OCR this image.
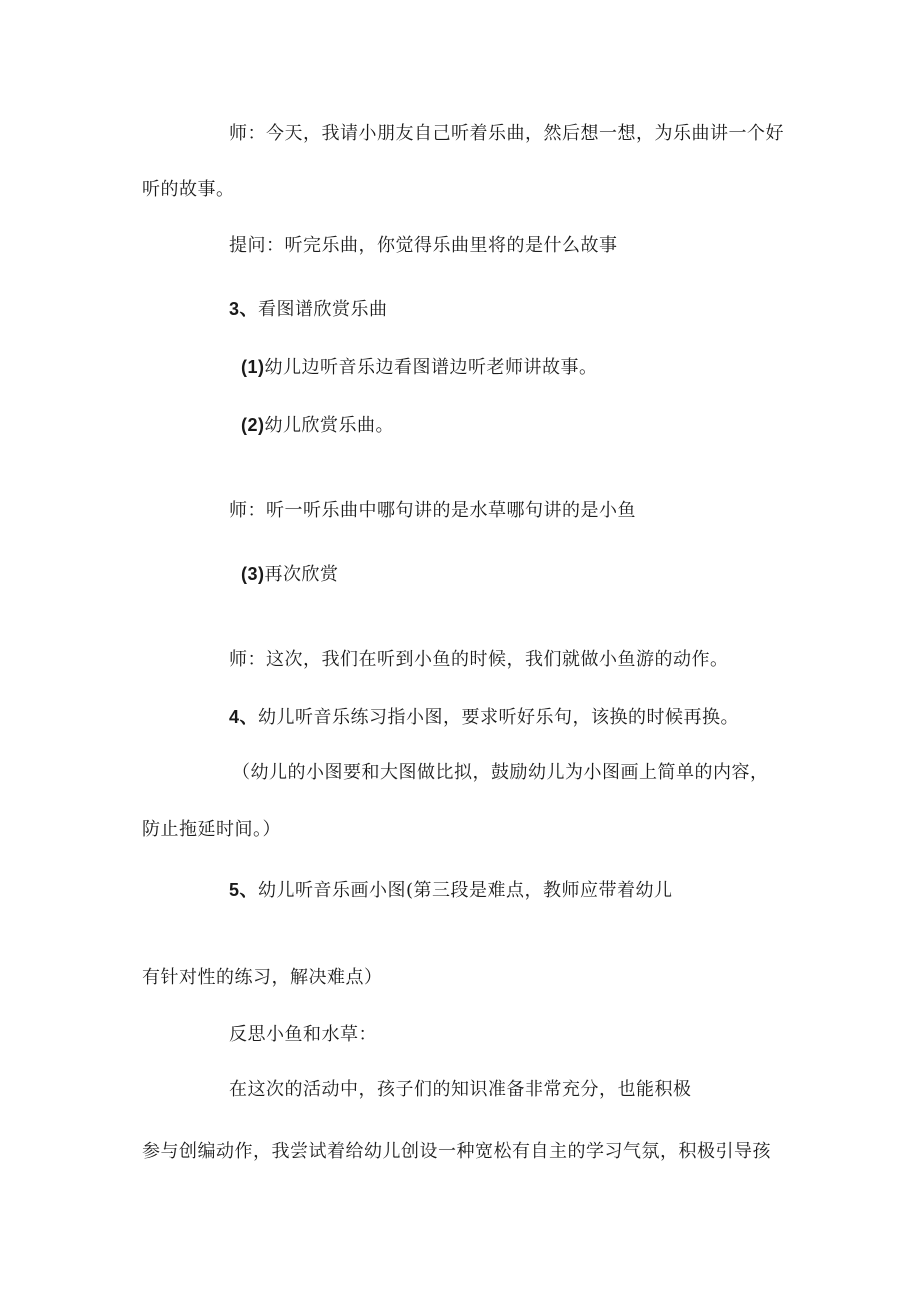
师：今天，我请小朋友自己听着乐曲，然后想一想，为乐曲讲一个好
听的故事。
提问：听完乐曲，你觉得乐曲里将的是什么故事
3、看图谱欣赏乐曲
(1)幼儿边听音乐边看图谱边听老师讲故事。
(2)幼儿欣赏乐曲。
师：听一听乐曲中哪句讲的是水草哪句讲的是小鱼
(3)再次欣赏
师：这次，我们在听到小鱼的时候，我们就做小鱼游的动作。
4、幼儿听音乐练习指小图，要求听好乐句，该换的时候再换。
（幼儿的小图要和大图做比拟，鼓励幼儿为小图画上简单的内容，
防止拖延时间。）
5、幼儿听音乐画小图(第三段是难点，教师应带着幼儿
有针对性的练习，解决难点）
反思小鱼和水草：
在这次的活动中，孩子们的知识准备非常充分，也能积极
参与创编动作，我尝试着给幼儿创设一种宽松有自主的学习气氛，积极引导孩
